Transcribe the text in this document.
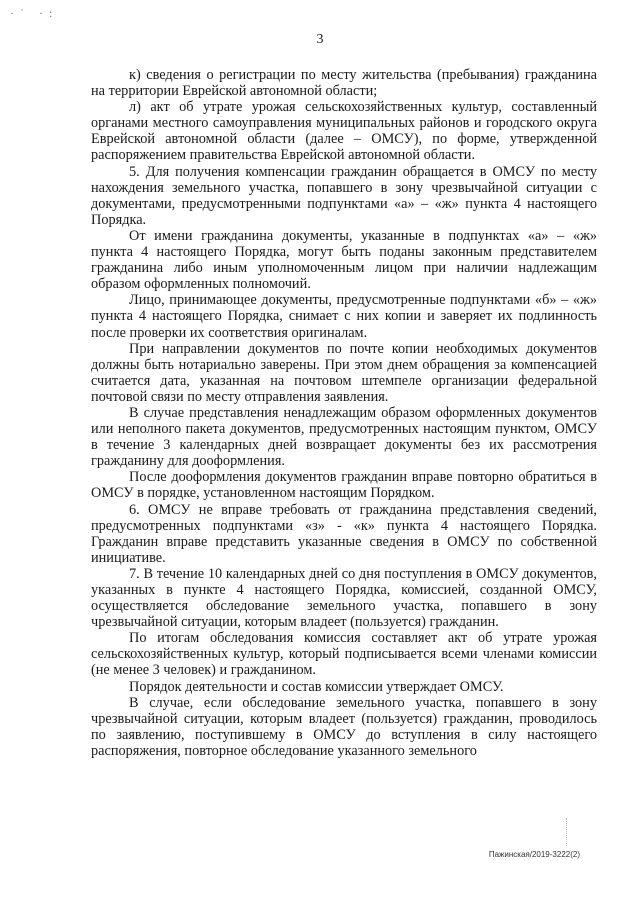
·˙ ·:
3

к) сведения о регистрации по месту жительства (пребывания) гражданина на территории Еврейской автономной области;

л) акт об утрате урожая сельскохозяйственных культур, составленный органами местного самоуправления муниципальных районов и городского округа Еврейской автономной области (далее – ОМСУ), по форме, утвержденной распоряжением правительства Еврейской автономной области.

5. Для получения компенсации гражданин обращается в ОМСУ по месту нахождения земельного участка, попавшего в зону чрезвычайной ситуации с документами, предусмотренными подпунктами «а» – «ж» пункта 4 настоящего Порядка.

От имени гражданина документы, указанные в подпунктах «а» – «ж» пункта 4 настоящего Порядка, могут быть поданы законным представителем гражданина либо иным уполномоченным лицом при наличии надлежащим образом оформленных полномочий.

Лицо, принимающее документы, предусмотренные подпунктами «б» – «ж» пункта 4 настоящего Порядка, снимает с них копии и заверяет их подлинность после проверки их соответствия оригиналам.

При направлении документов по почте копии необходимых документов должны быть нотариально заверены. При этом днем обращения за компенсацией считается дата, указанная на почтовом штемпеле организации федеральной почтовой связи по месту отправления заявления.

В случае представления ненадлежащим образом оформленных документов или неполного пакета документов, предусмотренных настоящим пунктом, ОМСУ в течение 3 календарных дней возвращает документы без их рассмотрения гражданину для дооформления.

После дооформления документов гражданин вправе повторно обратиться в ОМСУ в порядке, установленном настоящим Порядком.

6. ОМСУ не вправе требовать от гражданина представления сведений, предусмотренных подпунктами «з» - «к» пункта 4 настоящего Порядка. Гражданин вправе представить указанные сведения в ОМСУ по собственной инициативе.

7. В течение 10 календарных дней со дня поступления в ОМСУ документов, указанных в пункте 4 настоящего Порядка, комиссией, созданной ОМСУ, осуществляется обследование земельного участка, попавшего в зону чрезвычайной ситуации, которым владеет (пользуется) гражданин.

По итогам обследования комиссия составляет акт об утрате урожая сельскохозяйственных культур, который подписывается всеми членами комиссии (не менее 3 человек) и гражданином.

Порядок деятельности и состав комиссии утверждает ОМСУ.

В случае, если обследование земельного участка, попавшего в зону чрезвычайной ситуации, которым владеет (пользуется) гражданин, проводилось по заявлению, поступившему в ОМСУ до вступления в силу настоящего распоряжения, повторное обследование указанного земельного

Пажинская/2019-3222(2)
